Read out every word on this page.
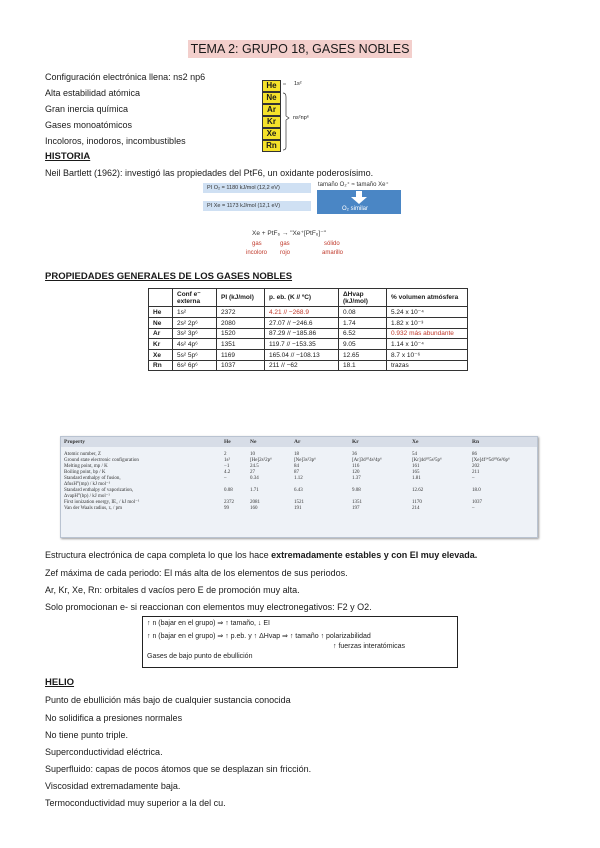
TEMA 2: GRUPO 18, GASES NOBLES
Configuración electrónica llena: ns2 np6
Alta estabilidad atómica
Gran inercia química
Gases monoatómicos
Incoloros, inodoros, incombustibles
He
Ne
Ar
Kr
Xe
Rn
1s²
ns²np⁶
HISTORIA
Neil Bartlett (1962): investigó las propiedades del PtF6, un oxidante poderosísimo.
PI O₂ = 1180 kJ/mol (12,2 eV)
PI Xe = 1173 kJ/mol (12,1 eV)
tamaño O₂⁺ ≈ tamaño Xe⁺
O₂ similar
Xe + PtF₆ → "Xe⁺[PtF₆]⁻"
gas	gas	sólido
incoloro rojo	amarillo
PROPIEDADES GENERALES DE LOS GASES NOBLES
	Conf e⁻ externa	PI (kJ/mol)	p. eb. (K // ºC)	ΔHvap (kJ/mol)	% volumen atmósfera
He	1s²	2372	4.21 // −268.9	0.08	5.24 x 10⁻⁴
Ne	2s² 2p⁶	2080	27.07 // −246.6	1.74	1.82 x 10⁻³
Ar	3s² 3p⁶	1520	87.29 // −185.86	6.52	0.932 más abundante
Kr	4s² 4p⁶	1351	119.7 // −153.35	9.05	1.14 x 10⁻⁴
Xe	5s² 5p⁶	1169	165.04 // −108.13	12.65	8.7 x 10⁻⁶
Rn	6s² 6p⁶	1037	211 // −62	18.1	trazas
Property	He	Ne	Ar	Kr	Xe	Rn

Atomic number, Z	2	10	18	36	54	86
Ground state electronic configuration	1s²	[He]2s²2p⁶	[Ne]3s²3p⁶	[Ar]3d¹⁰4s²4p⁶	[Kr]4d¹⁰5s²5p⁶	[Xe]4f¹⁴5d¹⁰6s²6p⁶
Melting point, mp / K	−1	24.5	84	116	161	202
Boiling point, bp / K	4.2	27	87	120	165	211
Standard enthalpy of fusion,	–	0.34	1.12	1.37	1.81	–
ΔfusH°(mp) / kJ mol⁻¹						
Standard enthalpy of vaporization,	0.08	1.71	6.43	9.08	12.62	18.0
ΔvapH°(bp) / kJ mol⁻¹						
First ionization energy, IE₁ / kJ mol⁻¹	2372	2081	1521	1351	1170	1037
Van der Waals radius, rᵥ / pm	99	160	191	197	214	–
Estructura electrónica de capa completa lo que los hace extremadamente estables y con EI muy elevada.
Zef máxima de cada periodo: El más alta de los elementos de sus periodos.
Ar, Kr, Xe, Rn: orbitales d vacíos pero E de promoción muy alta.
Solo promocionan e- si reaccionan con elementos muy electronegativos: F2 y O2.
↑ n (bajar en el grupo) ⇒ ↑ tamaño, ↓ EI
↑ n (bajar en el grupo) ⇒ ↑ p.eb. y ↑ ΔHvap ⇒ ↑ tamaño ↑ polarizabilidad
↑ fuerzas interatómicas
Gases de bajo punto de ebullición
HELIO
Punto de ebullición más bajo de cualquier sustancia conocida
No solidifica a presiones normales
No tiene punto triple.
Superconductividad eléctrica.
Superfluido: capas de pocos átomos que se desplazan sin fricción.
Viscosidad extremadamente baja.
Termoconductividad muy superior a la del cu.
